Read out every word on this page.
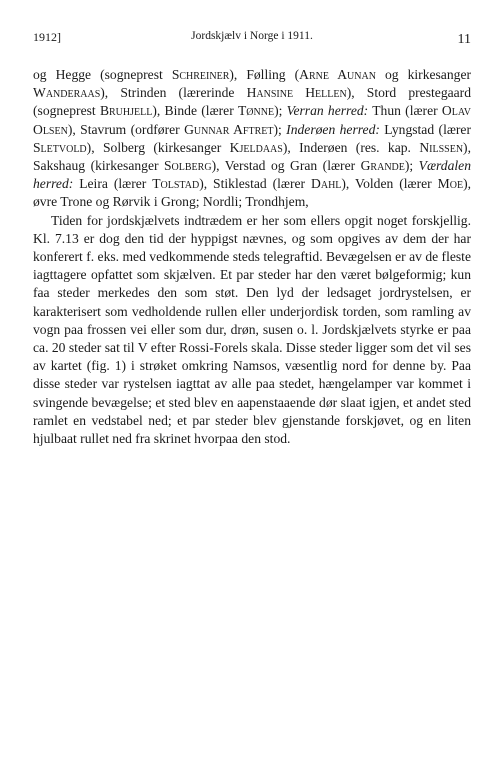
1912]	Jordskjælv i Norge i 1911.	11

og Hegge (sogneprest Schreiner), Følling (Arne Aunan og kirkesanger Wanderaas), Strinden (lærerinde Hansine Hellen), Stord prestegaard (sogneprest Bruhjell), Binde (lærer Tønne); Verran herred: Thun (lærer Olav Olsen), Stavrum (ordfører Gunnar Aftret); Inderøen herred: Lyngstad (lærer Sletvold), Solberg (kirkesanger Kjeldaas), Inderøen (res. kap. Nilssen), Sakshaug (kirkesanger Solberg), Verstad og Gran (lærer Grande); Værdalen herred: Leira (lærer Tolstad), Stiklestad (lærer Dahl), Volden (lærer Moe), øvre Trone og Rørvik i Grong; Nordli; Trondhjem,

Tiden for jordskjælvets indtrædem er her som ellers opgit noget forskjellig. Kl. 7.13 er dog den tid der hyppigst nævnes, og som opgives av dem der har konferert f. eks. med vedkommende steds telegraftid. Bevægelsen er av de fleste iagttagere opfattet som skjælven. Et par steder har den været bølgeformig; kun faa steder merkedes den som støt. Den lyd der ledsaget jordrystelsen, er karakterisert som vedholdende rullen eller underjordisk torden, som ramling av vogn paa frossen vei eller som dur, drøn, susen o. l. Jordskjælvets styrke er paa ca. 20 steder sat til V efter Rossi-Forels skala. Disse steder ligger som det vil ses av kartet (fig. 1) i strøket omkring Namsos, væsentlig nord for denne by. Paa disse steder var rystelsen iagttat av alle paa stedet, hængelamper var kommet i svingende bevægelse; et sted blev en aapenstaaende dør slaat igjen, et andet sted ramlet en vedstabel ned; et par steder blev gjenstande forskjøvet, og en liten hjulbaat rullet ned fra skrinet hvorpaa den stod.
